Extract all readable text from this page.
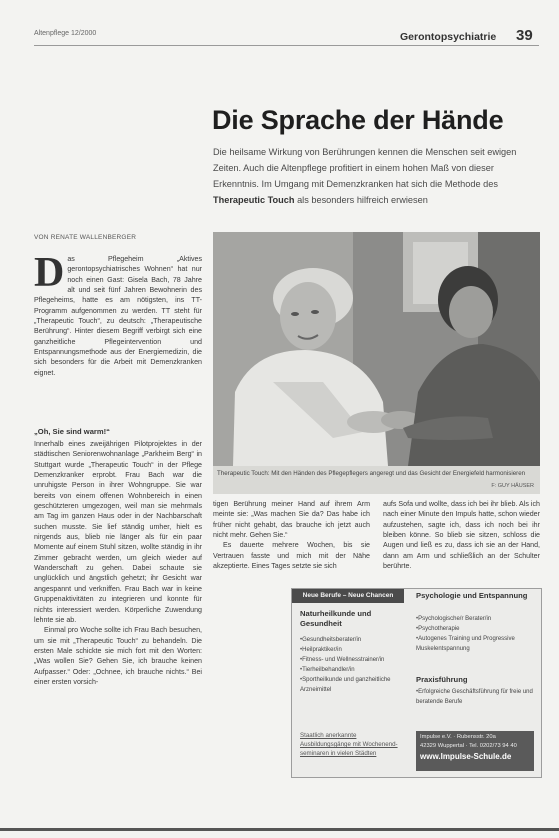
Altenpflege 12/2000	Gerontopsychiatrie 39
Die Sprache der Hände

Die heilsame Wirkung von Berührungen kennen die Menschen seit ewigen Zeiten. Auch die Altenpflege profitiert in einem hohen Maß von dieser Erkenntnis. Im Umgang mit Demenzkranken hat sich die Methode des Therapeutic Touch als besonders hilfreich erwiesen

VON RENATE WALLENBERGER

Das Pflegeheim „Aktives gerontopsychiatrisches Wohnen“ hat nur noch einen Gast: Gisela Bach, 78 Jahre alt und seit fünf Jahren Bewohnerin des Pflegeheims, hatte es am nötigsten, ins TT-Programm aufgenommen zu werden. TT steht für „Therapeutic Touch“, zu deutsch: „Therapeutische Berührung“. Hinter diesem Begriff verbirgt sich eine ganzheitliche Pflegeintervention und Entspannungsmethode aus der Energiemedizin, die sich besonders für die Arbeit mit Demenzkranken eignet.

„Oh, Sie sind warm!“

Innerhalb eines zweijährigen Pilotprojektes in der städtischen Seniorenwohnanlage „Parkheim Berg“ in Stuttgart wurde „Therapeutic Touch“ in der Pflege Demenzkranker erprobt. Frau Bach war die unruhigste Person in ihrer Wohngruppe. Sie war bereits von einem offenen Wohnbereich in einen geschützteren umgezogen, weil man sie mehrmals am Tag im ganzen Haus oder in der Nachbarschaft suchen musste. Sie lief ständig umher, hielt es nirgends aus, blieb nie länger als für ein paar Momente auf einem Stuhl sitzen, wollte ständig in ihr Zimmer gebracht werden, um gleich wieder auf Wanderschaft zu gehen. Dabei schaute sie unglücklich und ängstlich gehetzt; ihr Gesicht war angespannt und verkniffen. Frau Bach war in keine Gruppenaktivitäten zu integrieren und konnte für nichts interessiert werden. Körperliche Zuwendung lehnte sie ab.

Einmal pro Woche sollte ich Frau Bach besuchen, um sie mit „Therapeutic Touch“ zu behandeln. Die ersten Male schickte sie mich fort mit den Worten: „Was wollen Sie? Gehen Sie, ich brauche keinen Aufpasser.“ Oder: „Ochnee, ich brauche nichts.“ Bei einer ersten vorsich-

Therapeutic Touch: Mit den Händen des Pflegepflegers angeregt und das Gesicht der Energiefeld harmonisieren
F: GUY HÄUSER

tigen Berührung meiner Hand auf ihrem Arm meinte sie: „Was machen Sie da? Das habe ich früher nicht gehabt, das brauche ich jetzt auch nicht mehr. Gehen Sie.“

Es dauerte mehrere Wochen, bis sie Vertrauen fasste und mich mit der Nähe akzeptierte. Eines Tages setzte sie sich

aufs Sofa und wollte, dass ich bei ihr blieb. Als ich nach einer Minute den Impuls hatte, schon wieder aufzustehen, sagte ich, dass ich noch bei ihr bleiben könne. So blieb sie sitzen, schloss die Augen und ließ es zu, dass ich sie an der Hand, dann am Arm und schließlich an der Schulter berührte.

Neue Berufe – Neue Chancen
Naturheilkunde und Gesundheit
• Gesundheitsberater/in
• Heilpraktiker/in
• Fitness- und Wellnesstrainer/in
• Tierheilbehandler/in
• Sportheilkunde und ganzheitliche Arzneimittel
Psychologie und Entspannung
• Psychologische/r Berater/in
• Psychotherapie
• Autogenes Training und Progressive Muskelentspannung
Praxisführung
• Erfolgreiche Geschäftsführung für freie und beratende Berufe
Staatlich anerkannte Ausbildungsgänge mit Wochenend-seminaren in vielen Städten
Impulse e.V. · Rubensstr. 20a
42329 Wuppertal · Tel. 0202/73 94 40
www.Impulse-Schule.de
